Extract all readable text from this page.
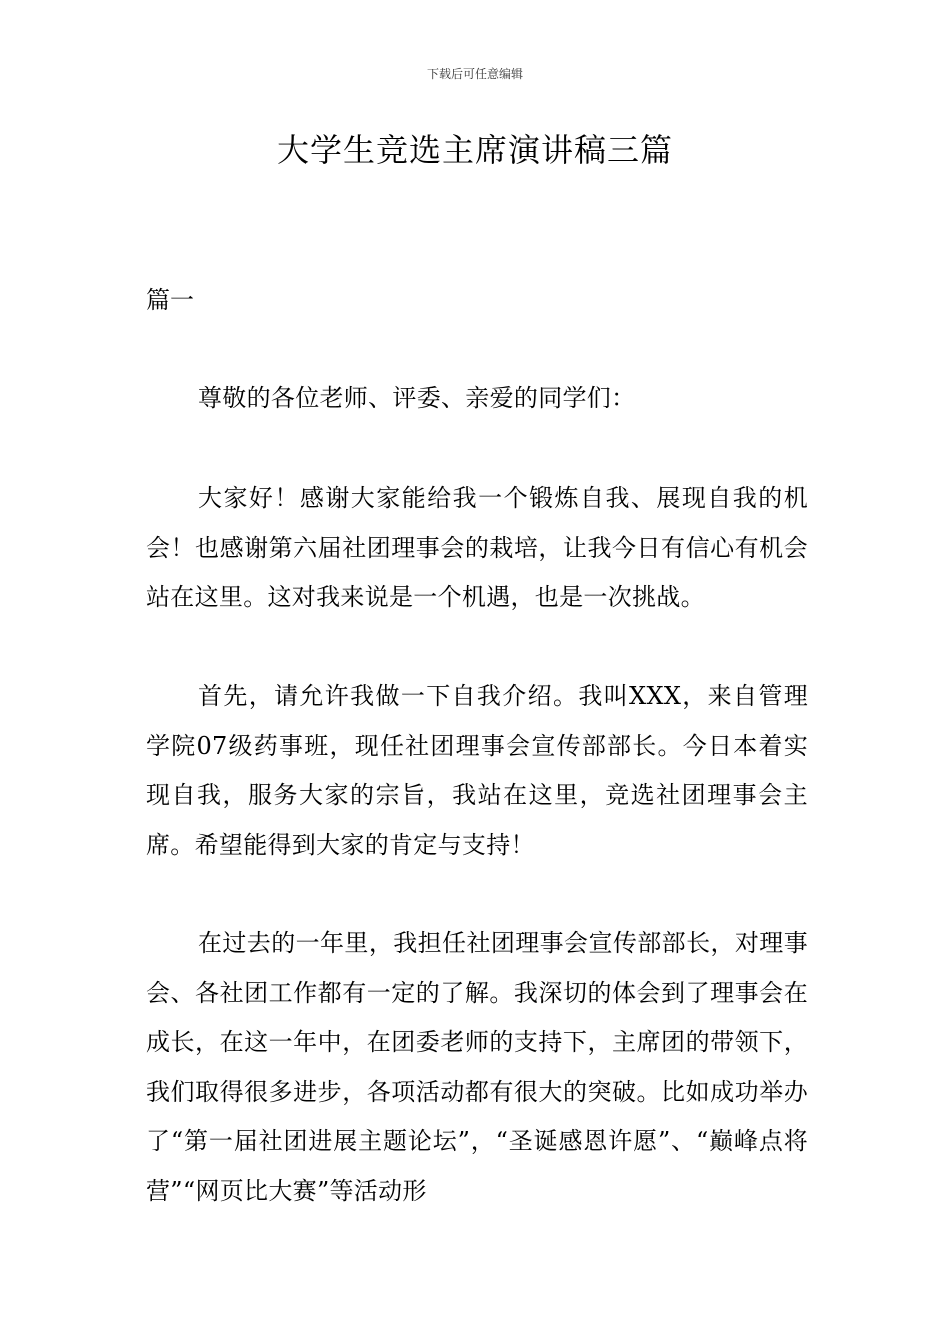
下载后可任意编辑
大学生竞选主席演讲稿三篇
篇一

尊敬的各位老师、评委、亲爱的同学们：

大家好！感谢大家能给我一个锻炼自我、展现自我的机会！也感谢第六届社团理事会的栽培，让我今日有信心有机会站在这里。这对我来说是一个机遇，也是一次挑战。

首先，请允许我做一下自我介绍。我叫XXX，来自管理学院07级药事班，现任社团理事会宣传部部长。今日本着实现自我，服务大家的宗旨，我站在这里，竞选社团理事会主席。希望能得到大家的肯定与支持！

在过去的一年里，我担任社团理事会宣传部部长，对理事会、各社团工作都有一定的了解。我深切的体会到了理事会在成长，在这一年中，在团委老师的支持下，主席团的带领下，我们取得很多进步，各项活动都有很大的突破。比如成功举办了“第一届社团进展主题论坛”，“圣诞感恩许愿”、“巅峰点将营”“网页比大赛”等活动形
